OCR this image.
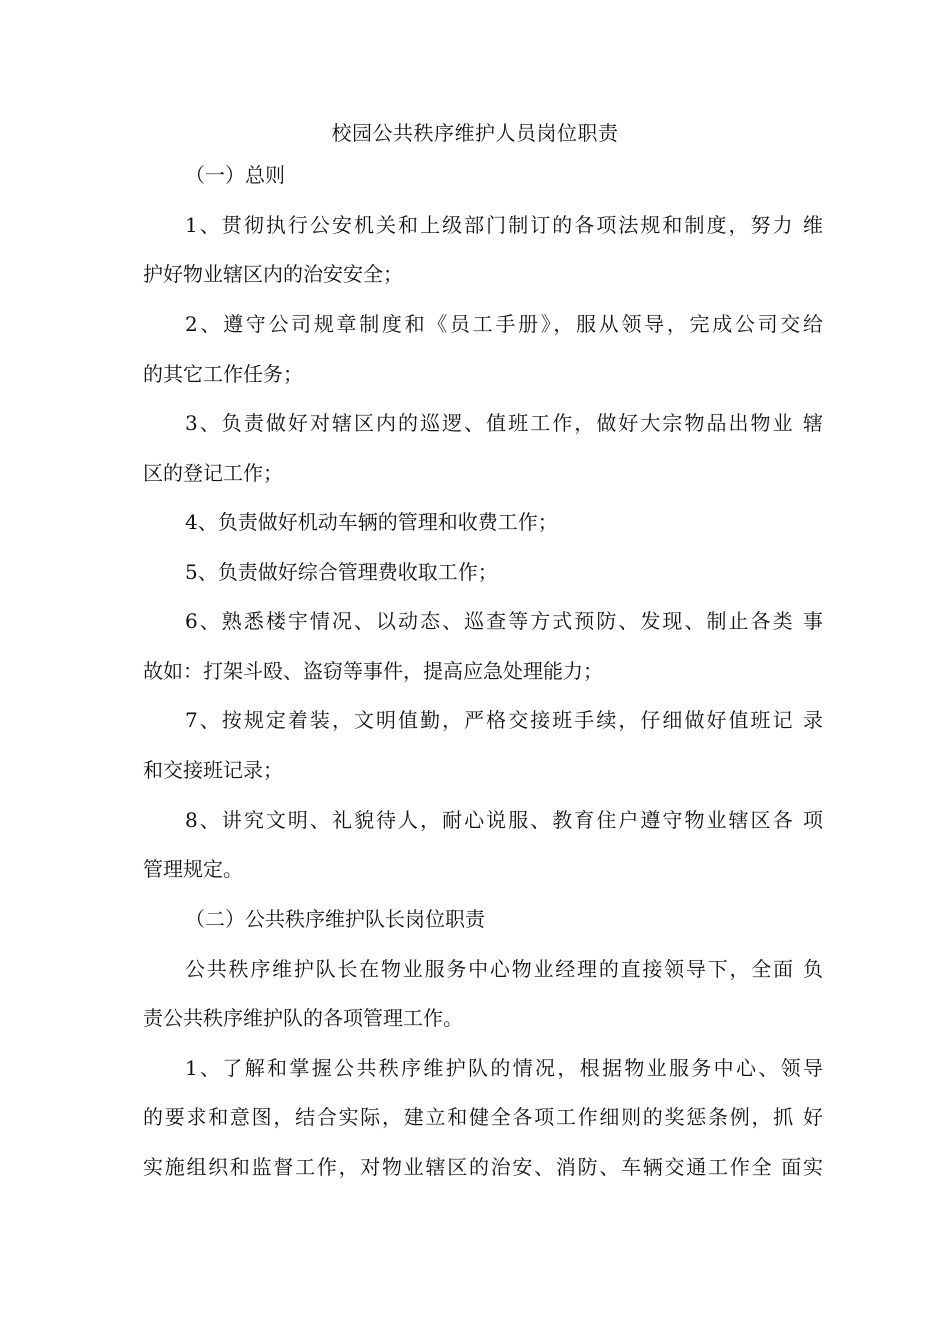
校园公共秩序维护人员岗位职责
（一）总则
1、贯彻执行公安机关和上级部门制订的各项法规和制度，努力 维
护好物业辖区内的治安安全；
2、遵守公司规章制度和《员工手册》，服从领导，完成公司交给
的其它工作任务；
3、负责做好对辖区内的巡逻、值班工作，做好大宗物品出物业 辖
区的登记工作；
4、负责做好机动车辆的管理和收费工作；
5、负责做好综合管理费收取工作；
6、熟悉楼宇情况、以动态、巡查等方式预防、发现、制止各类 事
故如：打架斗殴、盗窃等事件，提高应急处理能力；
7、按规定着装，文明值勤，严格交接班手续，仔细做好值班记 录
和交接班记录；
8、讲究文明、礼貌待人，耐心说服、教育住户遵守物业辖区各 项
管理规定。
（二）公共秩序维护队长岗位职责
公共秩序维护队长在物业服务中心物业经理的直接领导下，全面 负
责公共秩序维护队的各项管理工作。
1、了解和掌握公共秩序维护队的情况，根据物业服务中心、领导
的要求和意图，结合实际，建立和健全各项工作细则的奖惩条例，抓 好
实施组织和监督工作，对物业辖区的治安、消防、车辆交通工作全 面实
